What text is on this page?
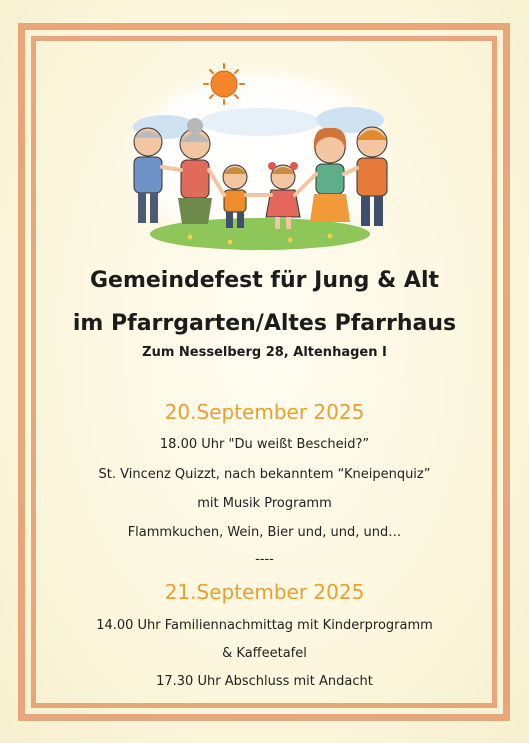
Gemeindefest für Jung & Alt
im Pfarrgarten/Altes Pfarrhaus
Zum Nesselberg 28, Altenhagen I
20.September 2025
18.00 Uhr "Du weißt Bescheid?”
St. Vincenz Quizzt, nach bekanntem “Kneipenquiz”
mit Musik Programm
Flammkuchen, Wein, Bier und, und, und…
----
21.September 2025
14.00 Uhr Familiennachmittag mit Kinderprogramm
& Kaffeetafel
17.30 Uhr Abschluss mit Andacht
